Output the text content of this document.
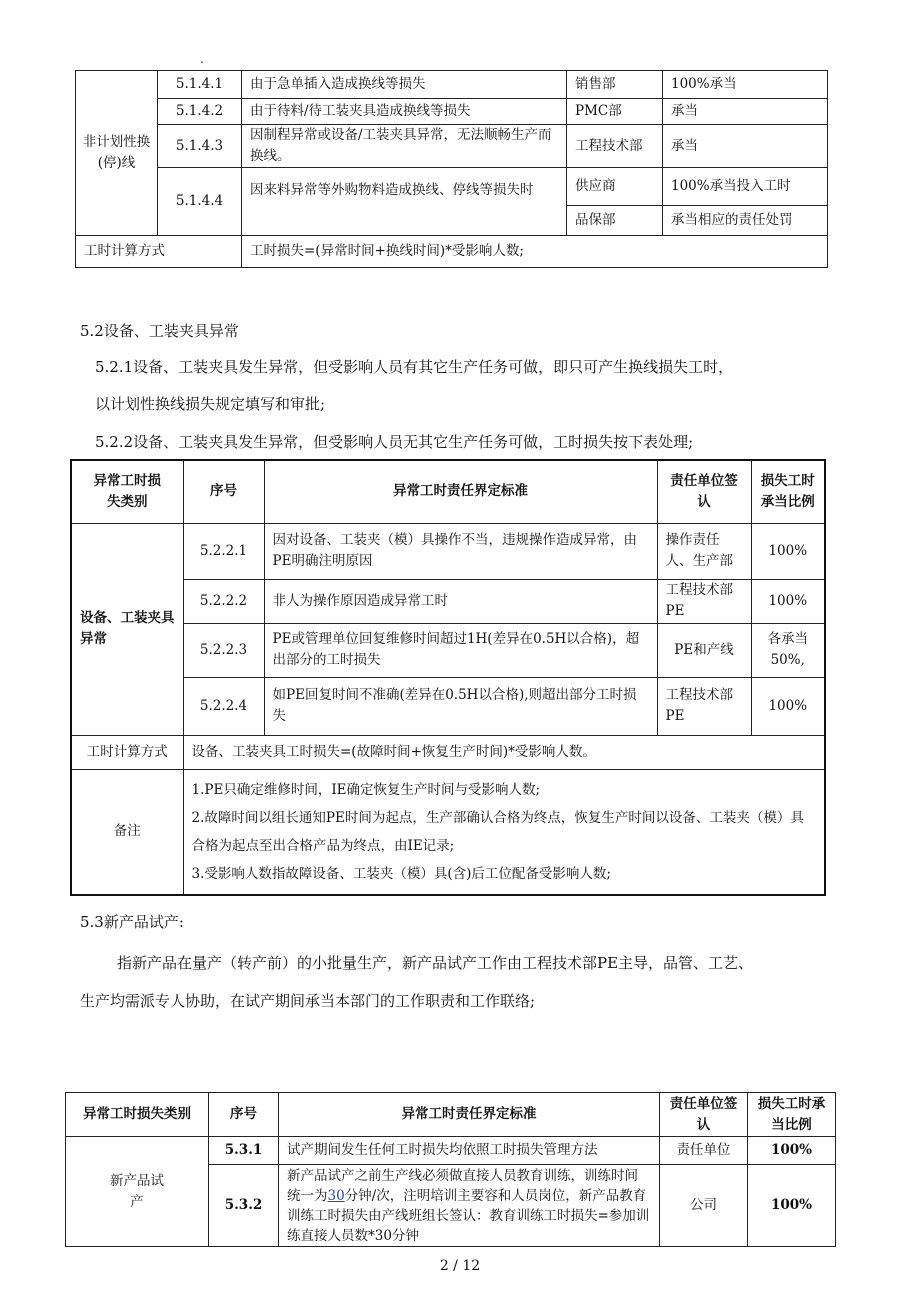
.
非计划性换(停)线	5.1.4.1	由于急单插入造成换线等损失	销售部	100%承当
	5.1.4.2	由于待料/待工装夹具造成换线等损失	PMC部	承当
	5.1.4.3	因制程异常或设备/工装夹具异常，无法顺畅生产而换线。	工程技术部	承当
	5.1.4.4	因来料异常等外购物料造成换线、停线等损失时	供应商	100%承当投入工时
			品保部	承当相应的责任处罚
工时计算方式		工时损失=(异常时间+换线时间)*受影响人数;		
5.2设备、工装夹具异常
5.2.1设备、工装夹具发生异常，但受影响人员有其它生产任务可做，即只可产生换线损失工时，
以计划性换线损失规定填写和审批;
5.2.2设备、工装夹具发生异常，但受影响人员无其它生产任务可做，工时损失按下表处理;
异常工时损失类别	序号	异常工时责任界定标准	责任单位签认	损失工时承当比例
设备、工装夹具异常	5.2.2.1	因对设备、工装夹（模）具操作不当，违规操作造成异常，由PE明确注明原因	操作责任人、生产部	100%
	5.2.2.2	非人为操作原因造成异常工时	工程技术部PE	100%
	5.2.2.3	PE或管理单位回复维修时间超过1H(差异在0.5H以合格)，超出部分的工时损失	PE和产线	各承当50%,
	5.2.2.4	如PE回复时间不准确(差异在0.5H以合格),则超出部分工时损失	工程技术部PE	100%
工时计算方式	设备、工装夹具工时损失=(故障时间+恢复生产时间)*受影响人数。			
备注	1.PE只确定维修时间，IE确定恢复生产时间与受影响人数;
2.故障时间以组长通知PE时间为起点，生产部确认合格为终点，恢复生产时间以设备、工装夹（模）具合格为起点至出合格产品为终点，由IE记录;
3.受影响人数指故障设备、工装夹（模）具(含)后工位配备受影响人数;			
5.3新产品试产:
指新产品在量产（转产前）的小批量生产，新产品试产工作由工程技术部PE主导，品管、工艺、
生产均需派专人协助，在试产期间承当本部门的工作职责和工作联络;
异常工时损失类别	序号	异常工时责任界定标准	责任单位签认	损失工时承当比例
新产品试产	5.3.1	试产期间发生任何工时损失均依照工时损失管理方法	责任单位	100%
	5.3.2	新产品试产之前生产线必须做直接人员教育训练，训练时间统一为30分钟/次，注明培训主要容和人员岗位，新产品教育训练工时损失由产线班组长签认：教育训练工时损失=参加训练直接人员数*30分钟	公司	100%
2 / 12
